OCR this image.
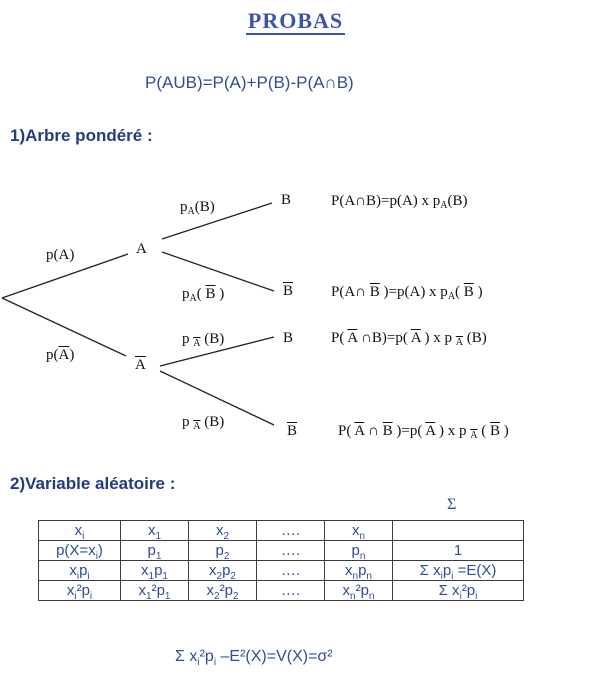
PROBAS
P(AUB)=P(A)+P(B)-P(A∩B)
1)Arbre pondéré :
p(A)
$p(\overline{A})$
A
$\overline{A}$
$p_A(B)$
$p_A$( $\overline{B}$ )
p $_{\overline{A}}$ (B)
p $_{\overline{A}}$ (B)
B
$\overline{B}$
B
$\overline{B}$
P(A∩B)=p(A) x $p_A(B)$
P(A∩ $\overline{B}$ )=p(A) x $p_A$( $\overline{B}$ )
P( $\overline{A}$ ∩B)=p( $\overline{A}$ ) x p $_{\overline{A}}$ (B)
P( $\overline{A}$ ∩ $\overline{B}$ )=p( $\overline{A}$ ) x p $_{\overline{A}}$ ( $\overline{B}$ )
2)Variable aléatoire :
Σ
$x_i$	$x_1$	$x_2$	….	$x_n$	
$p(X=x_i)$	$p_1$	$p_2$	….	$p_n$	1
$x_ip_i$	$x_1p_1$	$x_2p_2$	….	$x_np_n$	Σ $x_ip_i =E(X)$
$x_i^2p_i$	$x_1^2p_1$	$x_2^2p_2$	….	$x_n^2p_n$	Σ $x_i^2p_i$
Σ $x_i^2p_i$ –E²(X)=V(X)=σ²
